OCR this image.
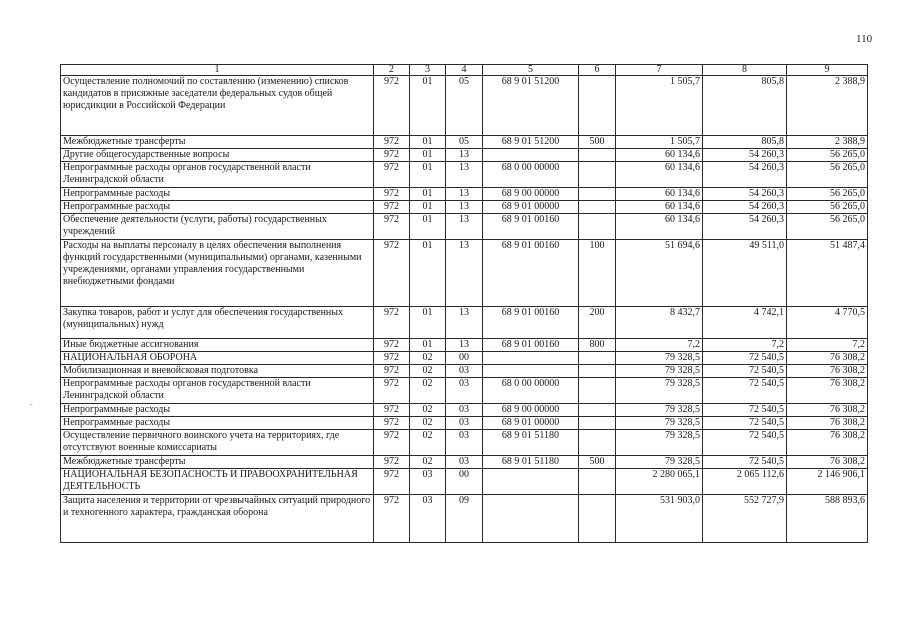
110
1	2	3	4	5	6	7	8	9
Осуществление полномочий по составлению (изменению) списков кандидатов в присяжные заседатели федеральных судов общей юрисдикции в Российской Федерации	972	01	05	68 9 01 51200		1 505,7	805,8	2 388,9
Межбюджетные трансферты	972	01	05	68 9 01 51200	500	1 505,7	805,8	2 388,9
Другие общегосударственные вопросы	972	01	13			60 134,6	54 260,3	56 265,0
Непрограммные расходы органов государственной власти Ленинградской области	972	01	13	68 0 00 00000		60 134,6	54 260,3	56 265,0
Непрограммные расходы	972	01	13	68 9 00 00000		60 134,6	54 260,3	56 265,0
Непрограммные расходы	972	01	13	68 9 01 00000		60 134,6	54 260,3	56 265,0
Обеспечение деятельности (услуги, работы) государственных учреждений	972	01	13	68 9 01 00160		60 134,6	54 260,3	56 265,0
Расходы на выплаты персоналу в целях обеспечения выполнения функций государственными (муниципальными) органами, казенными учреждениями, органами управления государственными внебюджетными фондами	972	01	13	68 9 01 00160	100	51 694,6	49 511,0	51 487,4
Закупка товаров, работ и услуг для обеспечения государственных (муниципальных) нужд	972	01	13	68 9 01 00160	200	8 432,7	4 742,1	4 770,5
Иные бюджетные ассигнования	972	01	13	68 9 01 00160	800	7,2	7,2	7,2
НАЦИОНАЛЬНАЯ ОБОРОНА	972	02	00			79 328,5	72 540,5	76 308,2
Мобилизационная и вневойсковая подготовка	972	02	03			79 328,5	72 540,5	76 308,2
Непрограммные расходы органов государственной власти Ленинградской области	972	02	03	68 0 00 00000		79 328,5	72 540,5	76 308,2
Непрограммные расходы	972	02	03	68 9 00 00000		79 328,5	72 540,5	76 308,2
Непрограммные расходы	972	02	03	68 9 01 00000		79 328,5	72 540,5	76 308,2
Осуществление первичного воинского учета на территориях, где отсутствуют военные комиссариаты	972	02	03	68 9 01 51180		79 328,5	72 540,5	76 308,2
Межбюджетные трансферты	972	02	03	68 9 01 51180	500	79 328,5	72 540,5	76 308,2
НАЦИОНАЛЬНАЯ БЕЗОПАСНОСТЬ И ПРАВООХРАНИТЕЛЬНАЯ ДЕЯТЕЛЬНОСТЬ	972	03	00			2 280 065,1	2 065 112,6	2 146 906,1
Защита населения и территории от чрезвычайных ситуаций природного и техногенного характера, гражданская оборона	972	03	09			531 903,0	552 727,9	588 893,6
-
